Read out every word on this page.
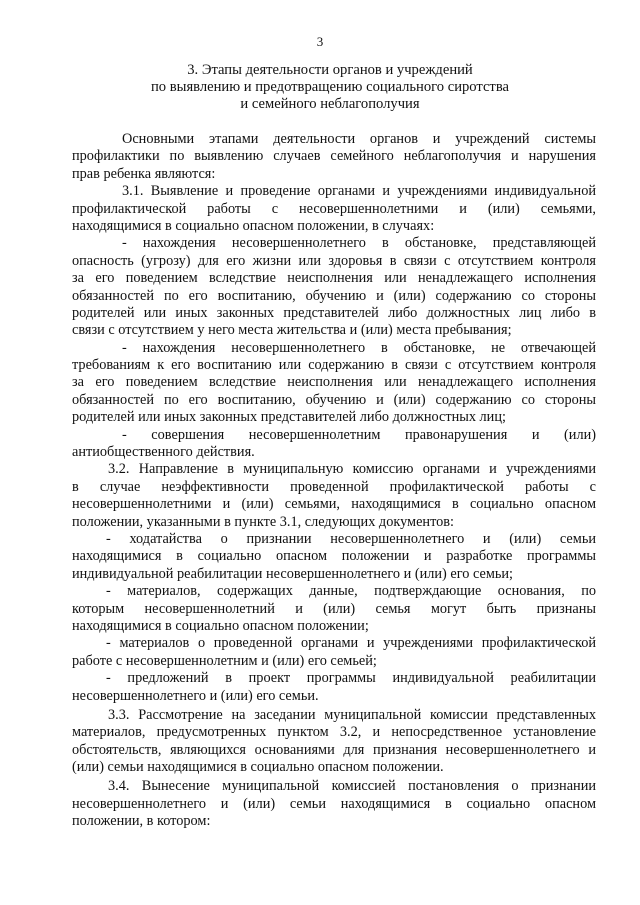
3
3. Этапы деятельности органов и учреждений
по выявлению и предотвращению социального сиротства
и семейного неблагополучия
Основными этапами деятельности органов и учреждений системы
профилактики по выявлению случаев семейного неблагополучия и нарушения
прав ребенка являются:
3.1. Выявление и проведение органами и учреждениями индивидуальной
профилактической работы с несовершеннолетними и (или) семьями,
находящимися в социально опасном положении, в случаях:
- нахождения несовершеннолетнего в обстановке, представляющей
опасность (угрозу) для его жизни или здоровья в связи с отсутствием контроля
за его поведением вследствие неисполнения или ненадлежащего исполнения
обязанностей по его воспитанию, обучению и (или) содержанию со стороны
родителей или иных законных представителей либо должностных лиц либо в
связи с отсутствием у него места жительства и (или) места пребывания;
- нахождения несовершеннолетнего в обстановке, не отвечающей
требованиям к его воспитанию или содержанию в связи с отсутствием контроля
за его поведением вследствие неисполнения или ненадлежащего исполнения
обязанностей по его воспитанию, обучению и (или) содержанию со стороны
родителей или иных законных представителей либо должностных лиц;
- совершения несовершеннолетним правонарушения и (или)
антиобщественного действия.
3.2. Направление в муниципальную комиссию органами и учреждениями
в случае неэффективности проведенной профилактической работы с
несовершеннолетними и (или) семьями, находящимися в социально опасном
положении, указанными в пункте 3.1, следующих документов:
- ходатайства о признании несовершеннолетнего и (или) семьи
находящимися в социально опасном положении и разработке программы
индивидуальной реабилитации несовершеннолетнего и (или) его семьи;
- материалов, содержащих данные, подтверждающие основания, по
которым несовершеннолетний и (или) семья могут быть признаны
находящимися в социально опасном положении;
- материалов о проведенной органами и учреждениями профилактической
работе с несовершеннолетним и (или) его семьей;
- предложений в проект программы индивидуальной реабилитации
несовершеннолетнего и (или) его семьи.
3.3. Рассмотрение на заседании муниципальной комиссии представленных
материалов, предусмотренных пунктом 3.2, и непосредственное установление
обстоятельств, являющихся основаниями для признания несовершеннолетнего и
(или) семьи находящимися в социально опасном положении.
3.4. Вынесение муниципальной комиссией постановления о признании
несовершеннолетнего и (или) семьи находящимися в социально опасном
положении, в котором:
